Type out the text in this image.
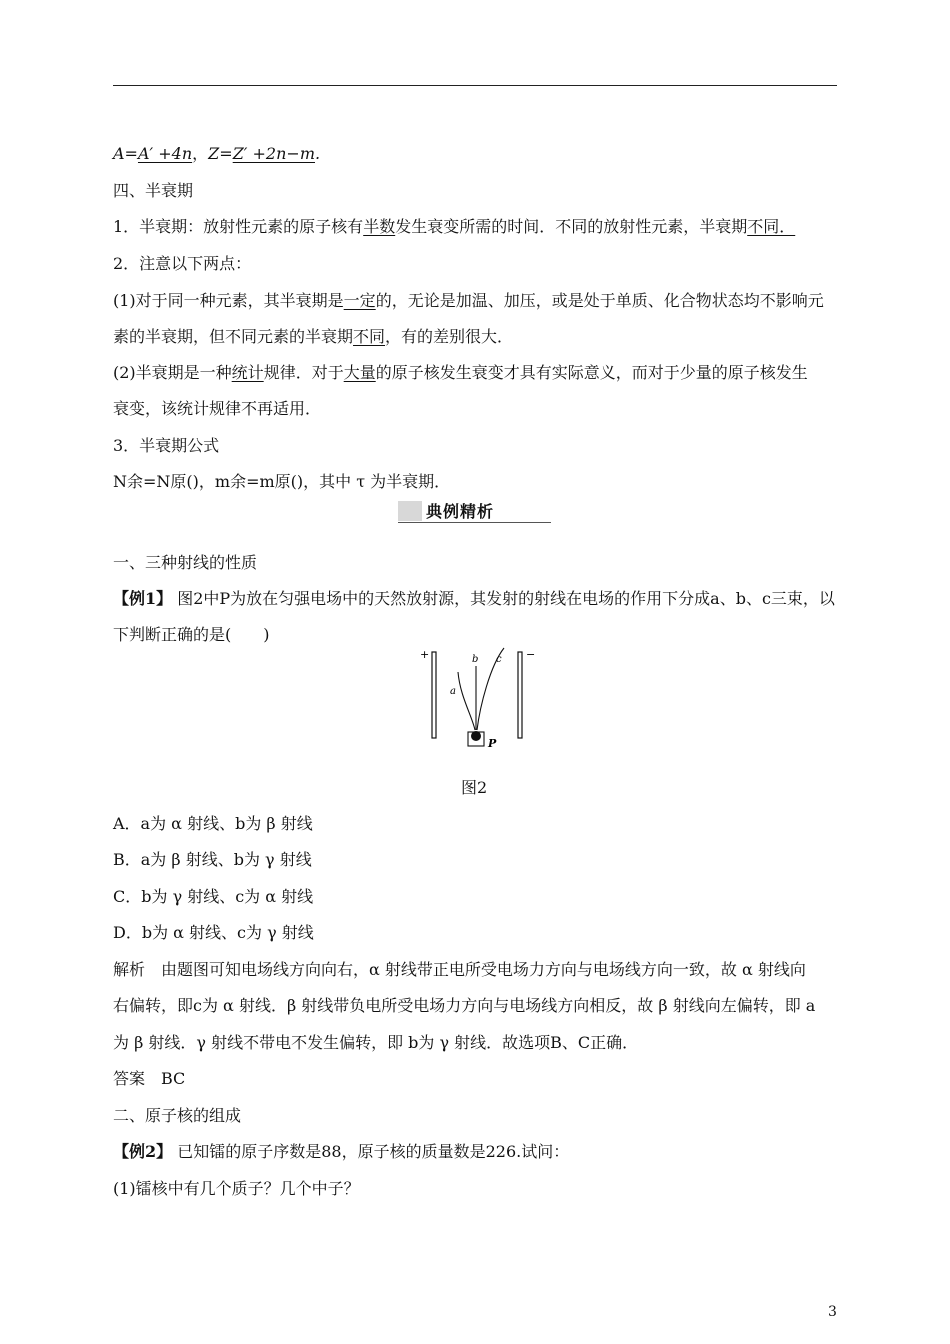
A=A′ +4n，Z=Z′ +2n−m.
四、半衰期
1．半衰期：放射性元素的原子核有半数发生衰变所需的时间．不同的放射性元素，半衰期不同．
2．注意以下两点：
(1)对于同一种元素，其半衰期是一定的，无论是加温、加压，或是处于单质、化合物状态均不影响元
素的半衰期，但不同元素的半衰期不同，有的差别很大．
(2)半衰期是一种统计规律．对于大量的原子核发生衰变才具有实际意义，而对于少量的原子核发生
衰变，该统计规律不再适用．
3．半衰期公式
N余=N原()，m余=m原()，其中 τ 为半衰期．
典例精析
一、三种射线的性质
【例1】 图2中P为放在匀强电场中的天然放射源，其发射的射线在电场的作用下分成a、b、c三束，以
下判断正确的是(　　)
+	−
a
b c
P
图2
A．a为 α 射线、b为 β 射线
B．a为 β 射线、b为 γ 射线
C．b为 γ 射线、c为 α 射线
D．b为 α 射线、c为 γ 射线
解析　由题图可知电场线方向向右，α 射线带正电所受电场力方向与电场线方向一致，故 α 射线向
右偏转，即c为 α 射线．β 射线带负电所受电场力方向与电场线方向相反，故 β 射线向左偏转，即 a
为 β 射线．γ 射线不带电不发生偏转，即 b为 γ 射线．故选项B、C正确．
答案　BC
二、原子核的组成
【例2】 已知镭的原子序数是88，原子核的质量数是226.试问：
(1)镭核中有几个质子？几个中子？
3
